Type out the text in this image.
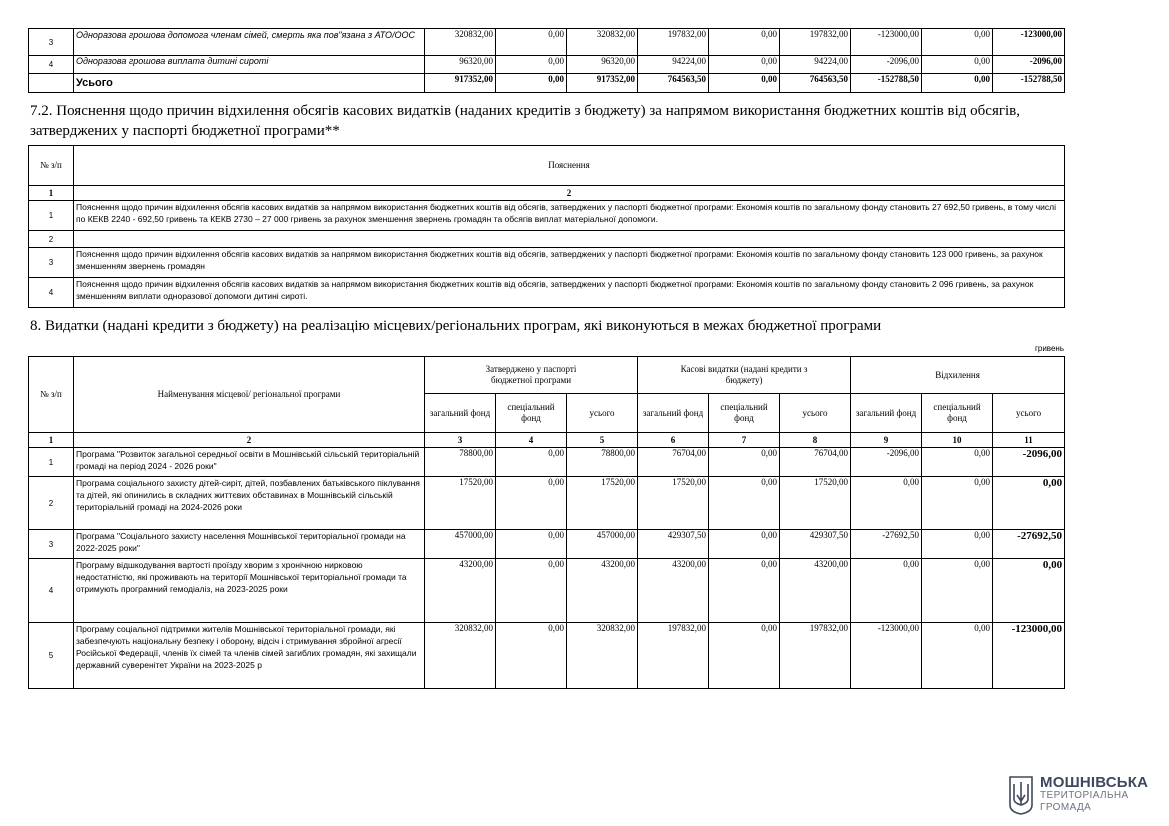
3	Одноразова грошова допомога членам сімей, смерть яка пов"язана з АТО/ООС	320832,00	0,00	320832,00	197832,00	0,00	197832,00	-123000,00	0,00	-123000,00
4	Одноразова грошова виплата дитині сироті	96320,00	0,00	96320,00	94224,00	0,00	94224,00	-2096,00	0,00	-2096,00
	Усього	917352,00	0,00	917352,00	764563,50	0,00	764563,50	-152788,50	0,00	-152788,50

7.2. Пояснення щодо причин відхилення обсягів касових видатків (наданих кредитів з бюджету) за напрямом використання бюджетних коштів від обсягів, затверджених у паспорті бюджетної програми**

№ з/п	Пояснення
1	2
1	Пояснення щодо причин відхилення обсягів касових видатків за напрямом використання бюджетних коштів від обсягів, затверджених у паспорті бюджетної програми: Економія коштів по загальному фонду становить 27 692,50 гривень, в тому числі по КЕКВ 2240 - 692,50 гривень та КЕКВ 2730 – 27 000 гривень за рахунок зменшення звернень громадян та обсягів виплат матеріальної допомоги.
2	
3	Пояснення щодо причин відхилення обсягів касових видатків за напрямом використання бюджетних коштів від обсягів, затверджених у паспорті бюджетної програми: Економія коштів по загальному фонду становить 123 000 гривень, за рахунок зменшенням звернень громадян
4	Пояснення щодо причин відхилення обсягів касових видатків за напрямом використання бюджетних коштів від обсягів, затверджених у паспорті бюджетної програми: Економія коштів по загальному фонду становить 2 096 гривень, за рахунок зменшенням виплати одноразової допомоги дитині сироті.

8. Видатки (надані кредити з бюджету) на реалізацію місцевих/регіональних програм, які виконуються в межах бюджетної програми

гривень
№ з/п	Найменування місцевої/ регіональної програми	Затверджено у паспорті бюджетної програми			Касові видатки (надані кредити з бюджету)			Відхилення		
		загальний фонд	спеціальний фонд	усього	загальний фонд	спеціальний фонд	усього	загальний фонд	спеціальний фонд	усього
1	2	3	4	5	6	7	8	9	10	11
1	Програма "Розвиток загальної середньої освіти в Мошнівській сільській територіальній громаді на період 2024 - 2026 роки"	78800,00	0,00	78800,00	76704,00	0,00	76704,00	-2096,00	0,00	-2096,00
2	Програма соціального захисту дітей-сиріт, дітей, позбавлених батьківського піклування та дітей, які опинились в складних життєвих обставинах в Мошнівській сільській територіальній громаді на 2024-2026 роки	17520,00	0,00	17520,00	17520,00	0,00	17520,00	0,00	0,00	0,00
3	Програма "Соціального захисту населення Мошнівської територіальної громади на 2022-2025 роки"	457000,00	0,00	457000,00	429307,50	0,00	429307,50	-27692,50	0,00	-27692,50
4	Програму відшкодування вартості проїзду хворим з хронічною нирковою недостатністю, які проживають на території Мошнівської територіальної громади та отримують програмний гемодіаліз, на 2023-2025 роки	43200,00	0,00	43200,00	43200,00	0,00	43200,00	0,00	0,00	0,00
5	Програму соціальної підтримки жителів Мошнівської територіальної громади, які забезпечують національну безпеку і оборону, відсіч і стримування збройної агресії Російської Федерації, членів їх сімей та членів сімей загиблих громадян, які захищали державний суверенітет України на 2023-2025 р	320832,00	0,00	320832,00	197832,00	0,00	197832,00	-123000,00	0,00	-123000,00
МОШНІВСЬКА
ТЕРИТОРІАЛЬНА
ГРОМАДА
